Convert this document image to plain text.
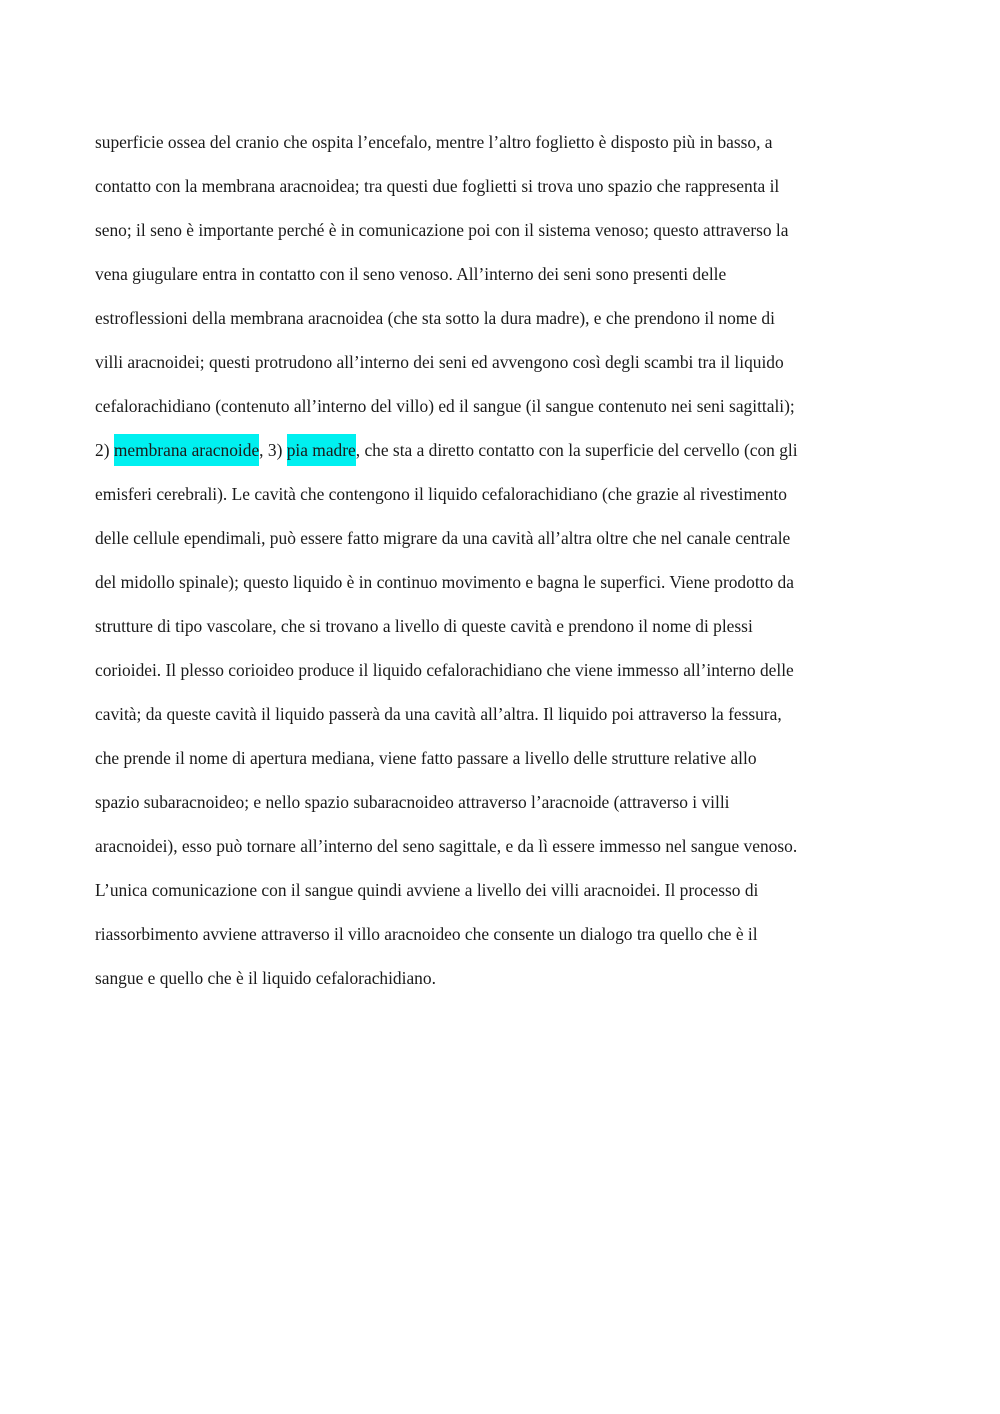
superficie ossea del cranio che ospita l’encefalo, mentre l’altro foglietto è disposto più in basso, a
contatto con la membrana aracnoidea; tra questi due foglietti si trova uno spazio che rappresenta il
seno; il seno è importante perché è in comunicazione poi con il sistema venoso; questo attraverso la
vena giugulare entra in contatto con il seno venoso. All’interno dei seni sono presenti delle
estroflessioni della membrana aracnoidea (che sta sotto la dura madre), e che prendono il nome di
villi aracnoidei; questi protrudono all’interno dei seni ed avvengono così degli scambi tra il liquido
cefalorachidiano (contenuto all’interno del villo) ed il sangue (il sangue contenuto nei seni sagittali);
2) membrana aracnoide, 3) pia madre, che sta a diretto contatto con la superficie del cervello (con gli
emisferi cerebrali). Le cavità che contengono il liquido cefalorachidiano (che grazie al rivestimento
delle cellule ependimali, può essere fatto migrare da una cavità all’altra oltre che nel canale centrale
del midollo spinale); questo liquido è in continuo movimento e bagna le superfici. Viene prodotto da
strutture di tipo vascolare, che si trovano a livello di queste cavità e prendono il nome di plessi
corioidei. Il plesso corioideo produce il liquido cefalorachidiano che viene immesso all’interno delle
cavità; da queste cavità il liquido passerà da una cavità all’altra. Il liquido poi attraverso la fessura,
che prende il nome di apertura mediana, viene fatto passare a livello delle strutture relative allo
spazio subaracnoideo; e nello spazio subaracnoideo attraverso l’aracnoide (attraverso i villi
aracnoidei), esso può tornare all’interno del seno sagittale, e da lì essere immesso nel sangue venoso.
L’unica comunicazione con il sangue quindi avviene a livello dei villi aracnoidei. Il processo di
riassorbimento avviene attraverso il villo aracnoideo che consente un dialogo tra quello che è il
sangue e quello che è il liquido cefalorachidiano.
